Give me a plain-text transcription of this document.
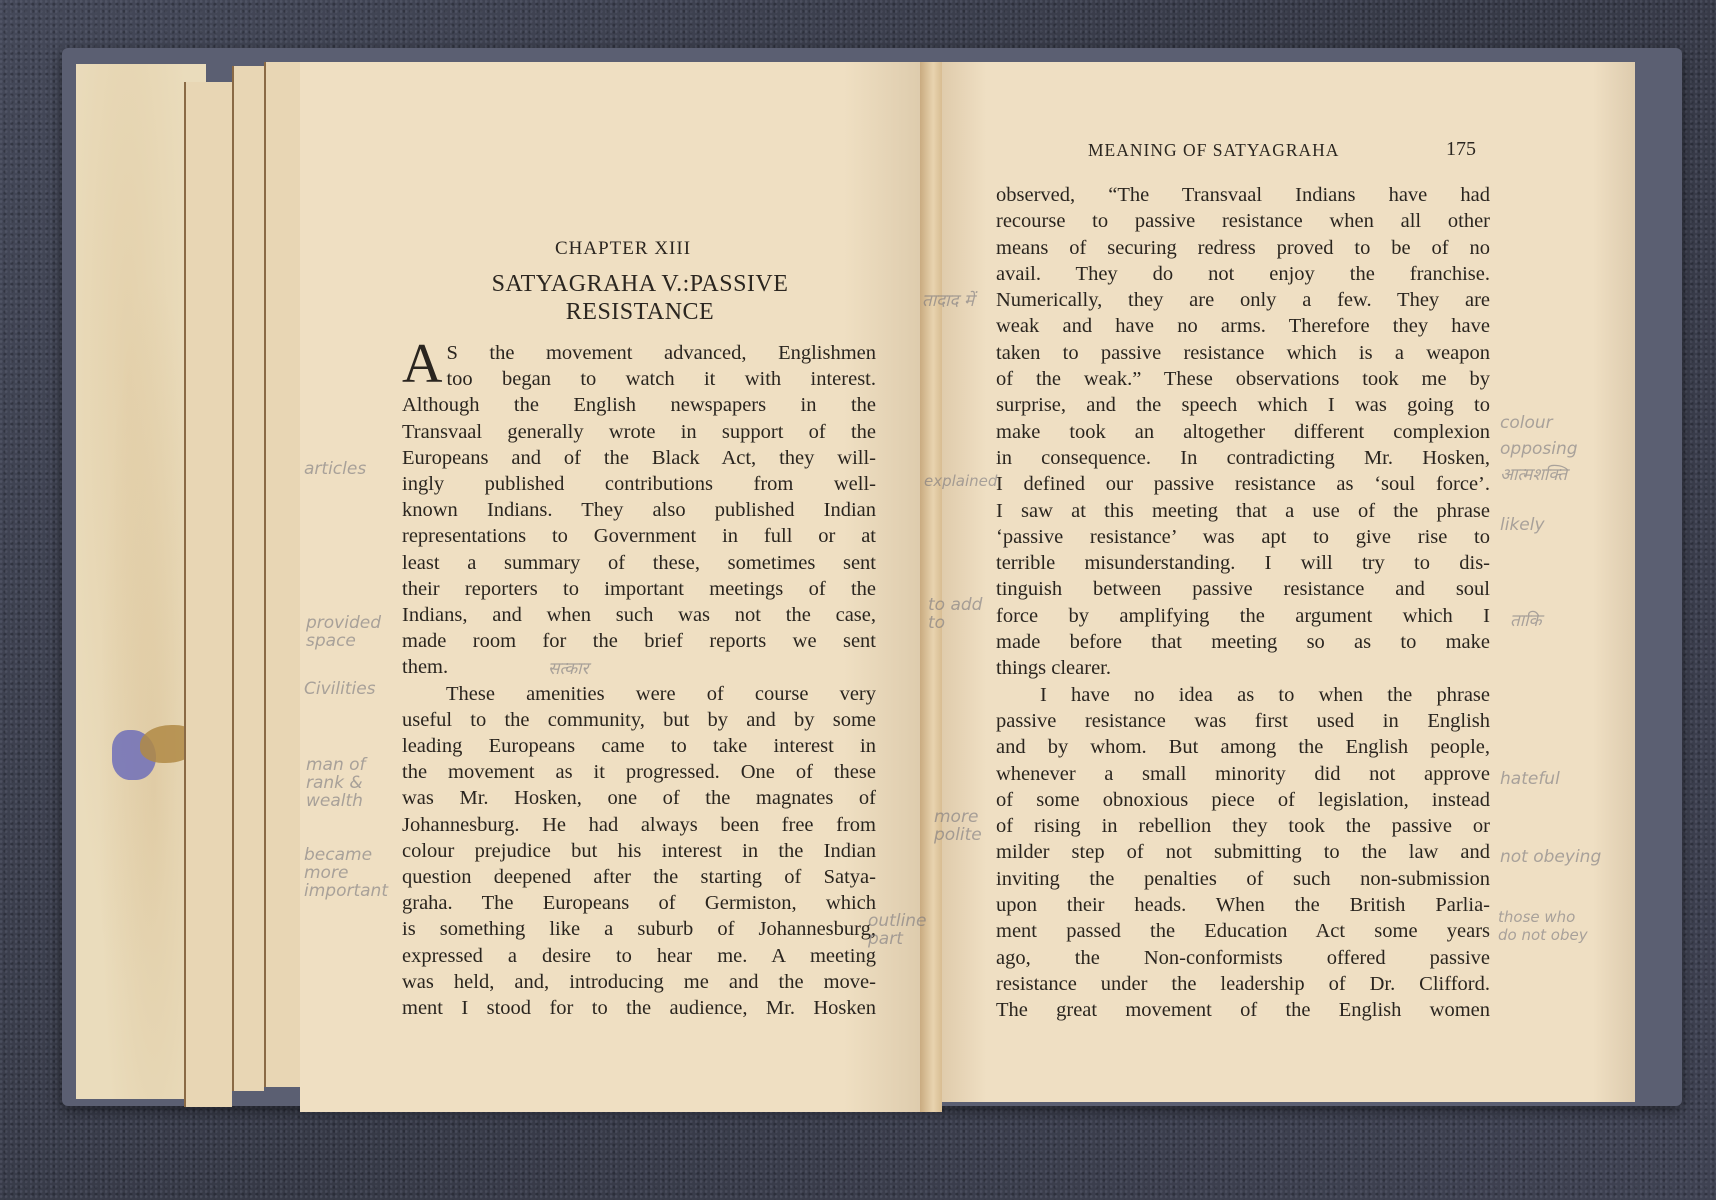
CHAPTER XIII
SATYAGRAHA V.:PASSIVE
RESISTANCE
A S the movement advanced, Englishmen
too began to watch it with interest.
Although the English newspapers in the
Transvaal generally wrote in support of the
Europeans and of the Black Act, they will-
ingly published contributions from well-
known Indians. They also published Indian
representations to Government in full or at
least a summary of these, sometimes sent
their reporters to important meetings of the
Indians, and when such was not the case,
made room for the brief reports we sent
them.
These amenities were of course very
useful to the community, but by and by some
leading Europeans came to take interest in
the movement as it progressed. One of these
was Mr. Hosken, one of the magnates of
Johannesburg. He had always been free from
colour prejudice but his interest in the Indian
question deepened after the starting of Satya-
graha. The Europeans of Germiston, which
is something like a suburb of Johannesburg,
expressed a desire to hear me. A meeting
was held, and, introducing me and the move-
ment I stood for to the audience, Mr. Hosken
articles
provided space
Civilities
man of rank & wealth
became more important
outline part
सत्कार
MEANING OF SATYAGRAHA	175
observed, “The Transvaal Indians have had
recourse to passive resistance when all other
means of securing redress proved to be of no
avail. They do not enjoy the franchise.
Numerically, they are only a few. They are
weak and have no arms. Therefore they have
taken to passive resistance which is a weapon
of the weak.” These observations took me by
surprise, and the speech which I was going to
make took an altogether different complexion
in consequence. In contradicting Mr. Hosken,
I defined our passive resistance as ‘soul force’.
I saw at this meeting that a use of the phrase
‘passive resistance’ was apt to give rise to
terrible misunderstanding. I will try to dis-
tinguish between passive resistance and soul
force by amplifying the argument which I
made before that meeting so as to make
things clearer.
I have no idea as to when the phrase
passive resistance was first used in English
and by whom. But among the English people,
whenever a small minority did not approve
of some obnoxious piece of legislation, instead
of rising in rebellion they took the passive or
milder step of not submitting to the law and
inviting the penalties of such non-submission
upon their heads. When the British Parlia-
ment passed the Education Act some years
ago, the Non-conformists offered passive
resistance under the leadership of Dr. Clifford.
The great movement of the English women
तादाद में
explained
to add to
more polite
colour
opposing
आत्मशक्ति
likely
ताकि
hateful
not obeying
those who do not obey
